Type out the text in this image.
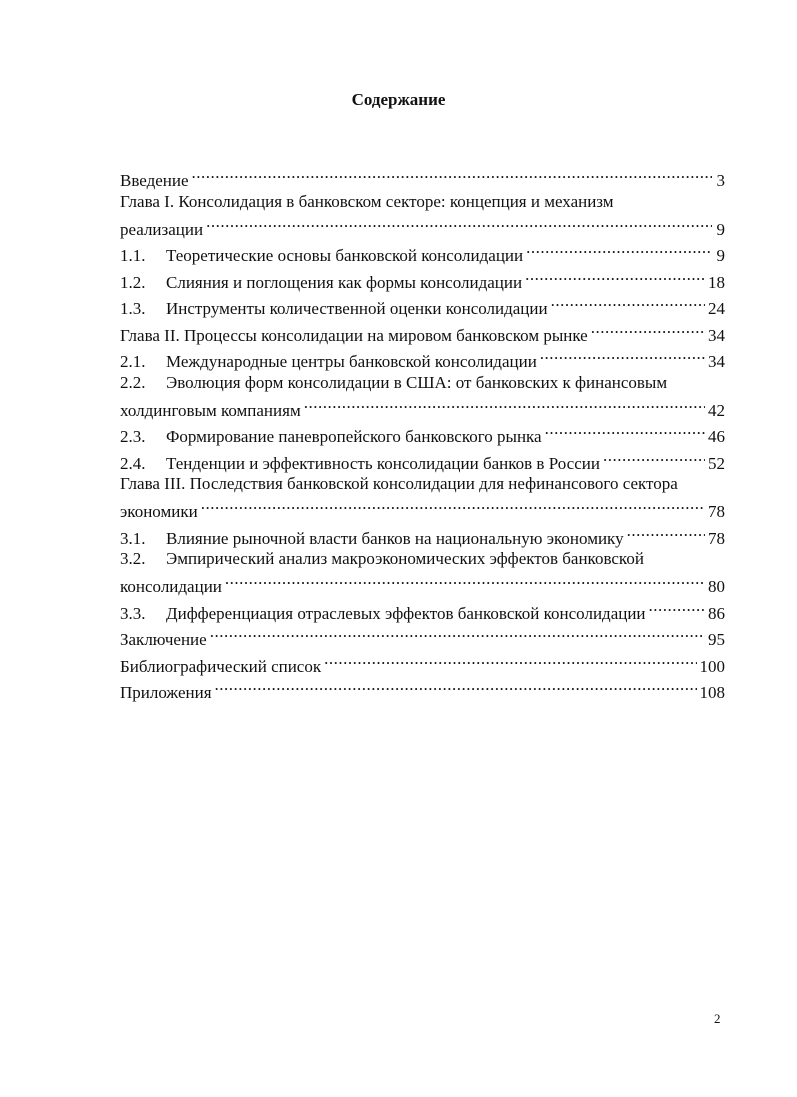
Содержание
Введение .....	3
Глава I. Консолидация в банковском секторе: концепция и механизм
реализации .....	9
1.1.	Теоретические основы банковской консолидации .....	9
1.2.	Слияния и поглощения как формы консолидации .....	18
1.3.	Инструменты количественной оценки консолидации .....	24
Глава II. Процессы консолидации на мировом банковском рынке .....	34
2.1.	Международные центры банковской консолидации .....	34
2.2. Эволюция форм консолидации в США: от банковских к финансовым
холдинговым компаниям .....	42
2.3.	Формирование паневропейского банковского рынка .....	46
2.4.	Тенденции и эффективность консолидации банков в России .....	52
Глава III. Последствия банковской консолидации для нефинансового сектора
экономики .....	78
3.1.	Влияние рыночной власти банков на национальную экономику .....	78
3.2. Эмпирический анализ макроэкономических эффектов банковской
консолидации .....	80
3.3.	Дифференциация отраслевых эффектов банковской консолидации .....	86
Заключение .....	95
Библиографический список .....	100
Приложения .....	108
2
